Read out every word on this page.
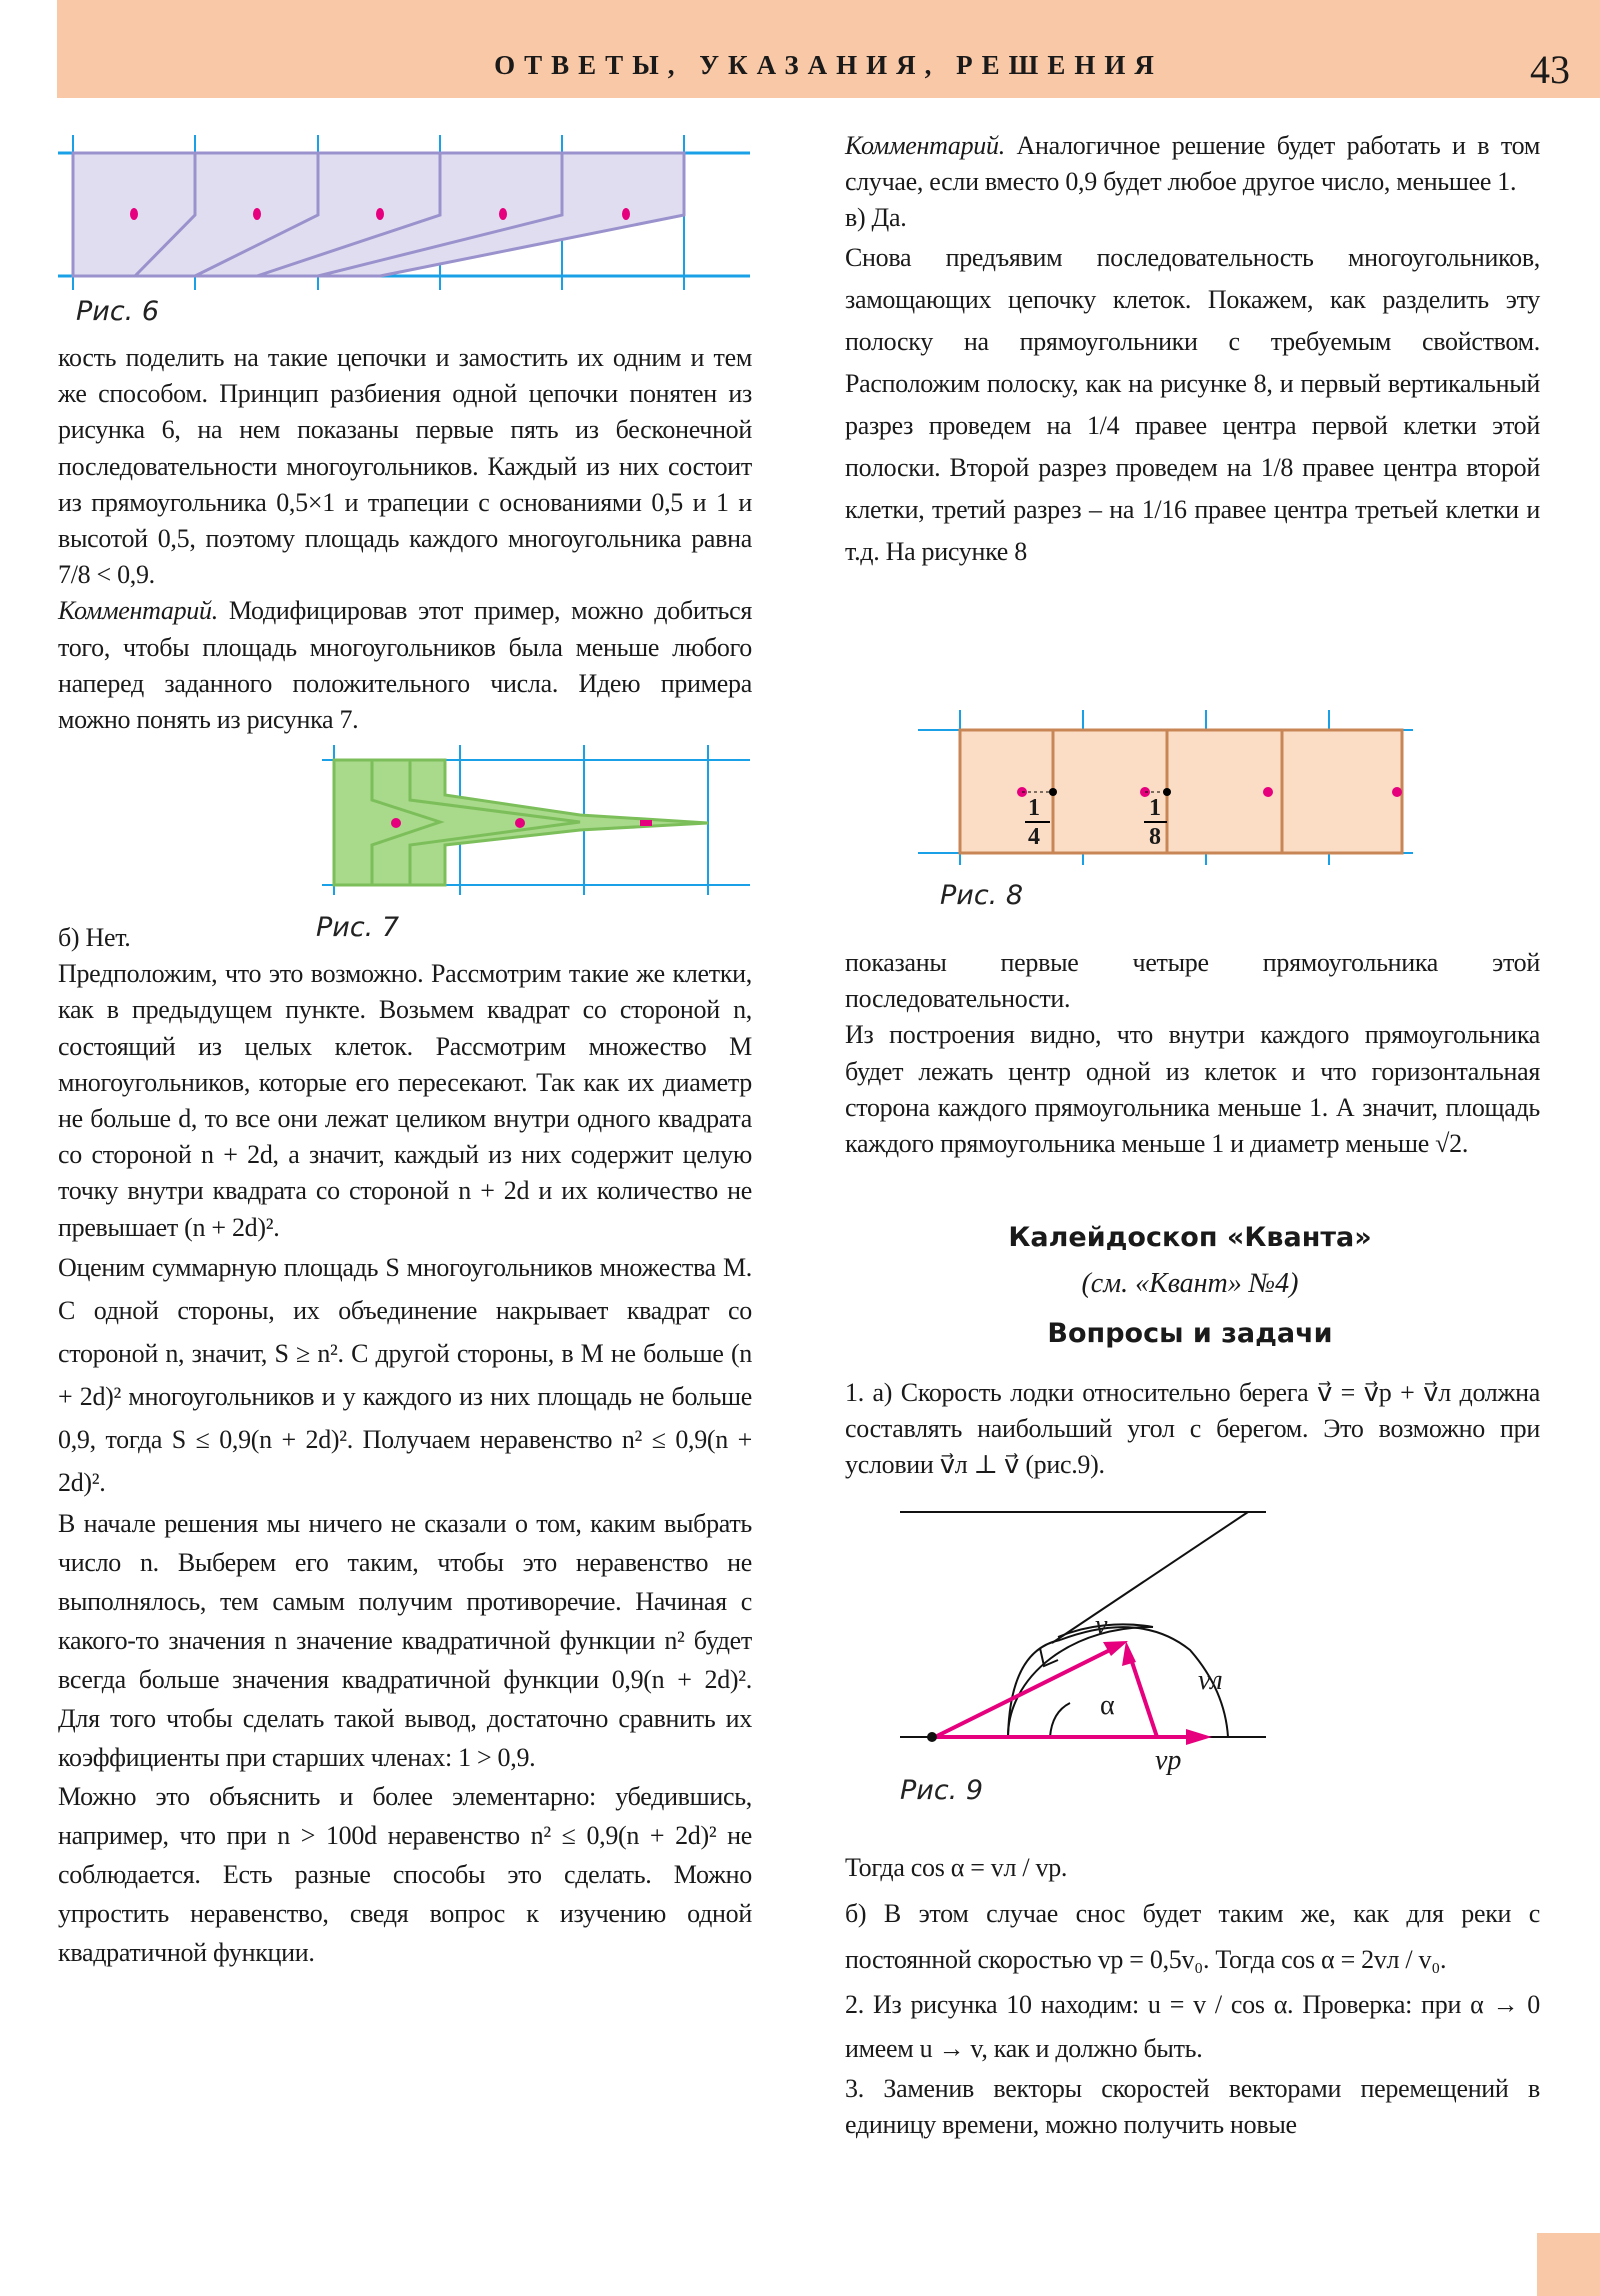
ОТВЕТЫ, УКАЗАНИЯ, РЕШЕНИЯ	43
Рис. 6

кость поделить на такие цепочки и замостить их одним и тем же способом. Принцип разбиения одной цепочки понятен из рисунка 6, на нем показаны первые пять из бесконечной последовательности многоугольников. Каждый из них состоит из прямоугольника 0,5×1 и трапеции с основаниями 0,5 и 1 и высотой 0,5, поэтому площадь каждого многоугольника равна 7/8 < 0,9.

Комментарий. Модифицировав этот пример, можно добиться того, чтобы площадь многоугольников была меньше любого наперед заданного положительного числа. Идею примера можно понять из рисунка 7.

Рис. 7

б) Нет.

Предположим, что это возможно. Рассмотрим такие же клетки, как в предыдущем пункте. Возьмем квадрат со стороной n, состоящий из целых клеток. Рассмотрим множество M многоугольников, которые его пересекают. Так как их диаметр не больше d, то все они лежат целиком внутри одного квадрата со стороной n + 2d, а значит, каждый из них содержит целую точку внутри квадрата со стороной n + 2d и их количество не превышает (n + 2d)².

Оценим суммарную площадь S многоугольников множества M. С одной стороны, их объединение накрывает квадрат со стороной n, значит, S ≥ n². С другой стороны, в M не больше (n + 2d)² многоугольников и у каждого из них площадь не больше 0,9, тогда S ≤ 0,9(n + 2d)². Получаем неравенство n² ≤ 0,9(n + 2d)².

В начале решения мы ничего не сказали о том, каким выбрать число n. Выберем его таким, чтобы это неравенство не выполнялось, тем самым получим противоречие. Начиная с какого-то значения n значение квадратичной функции n² будет всегда больше значения квадратичной функции 0,9(n + 2d)². Для того чтобы сделать такой вывод, достаточно сравнить их коэффициенты при старших членах: 1 > 0,9.

Можно это объяснить и более элементарно: убедившись, например, что при n > 100d неравенство n² ≤ 0,9(n + 2d)² не соблюдается. Есть разные способы это сделать. Можно упростить неравенство, сведя вопрос к изучению одной квадратичной функции.

Комментарий. Аналогичное решение будет работать и в том случае, если вместо 0,9 будет любое другое число, меньшее 1.

в) Да.

Снова предъявим последовательность многоугольников, замощающих цепочку клеток. Покажем, как разделить эту полоску на прямоугольники с требуемым свойством. Расположим полоску, как на рисунке 8, и первый вертикальный разрез проведем на 1/4 правее центра первой клетки этой полоски. Второй разрез проведем на 1/8 правее центра второй клетки, третий разрез – на 1/16 правее центра третьей клетки и т.д. На рисунке 8

1
4
1
8
Рис. 8

показаны первые четыре прямоугольника этой последовательности.

Из построения видно, что внутри каждого прямоугольника будет лежать центр одной из клеток и что горизонтальная сторона каждого прямоугольника меньше 1. А значит, площадь каждого прямоугольника меньше 1 и диаметр меньше √2.

Калейдоскоп «Кванта»
(см. «Квант» №4)
Вопросы и задачи

1. а) Скорость лодки относительно берега v⃗ = v⃗р + v⃗л должна составлять наибольший угол с берегом. Это возможно при условии v⃗л ⊥ v⃗ (рис.9).

v
vл
α
vр
Рис. 9

Тогда cos α = vл / vр.

б) В этом случае снос будет таким же, как для реки с постоянной скоростью vр = 0,5v₀. Тогда cos α = 2vл / v₀.

2. Из рисунка 10 находим: u = v / cos α. Проверка: при α → 0 имеем u → v, как и должно быть.

3. Заменив векторы скоростей векторами перемещений в единицу времени, можно получить новые
